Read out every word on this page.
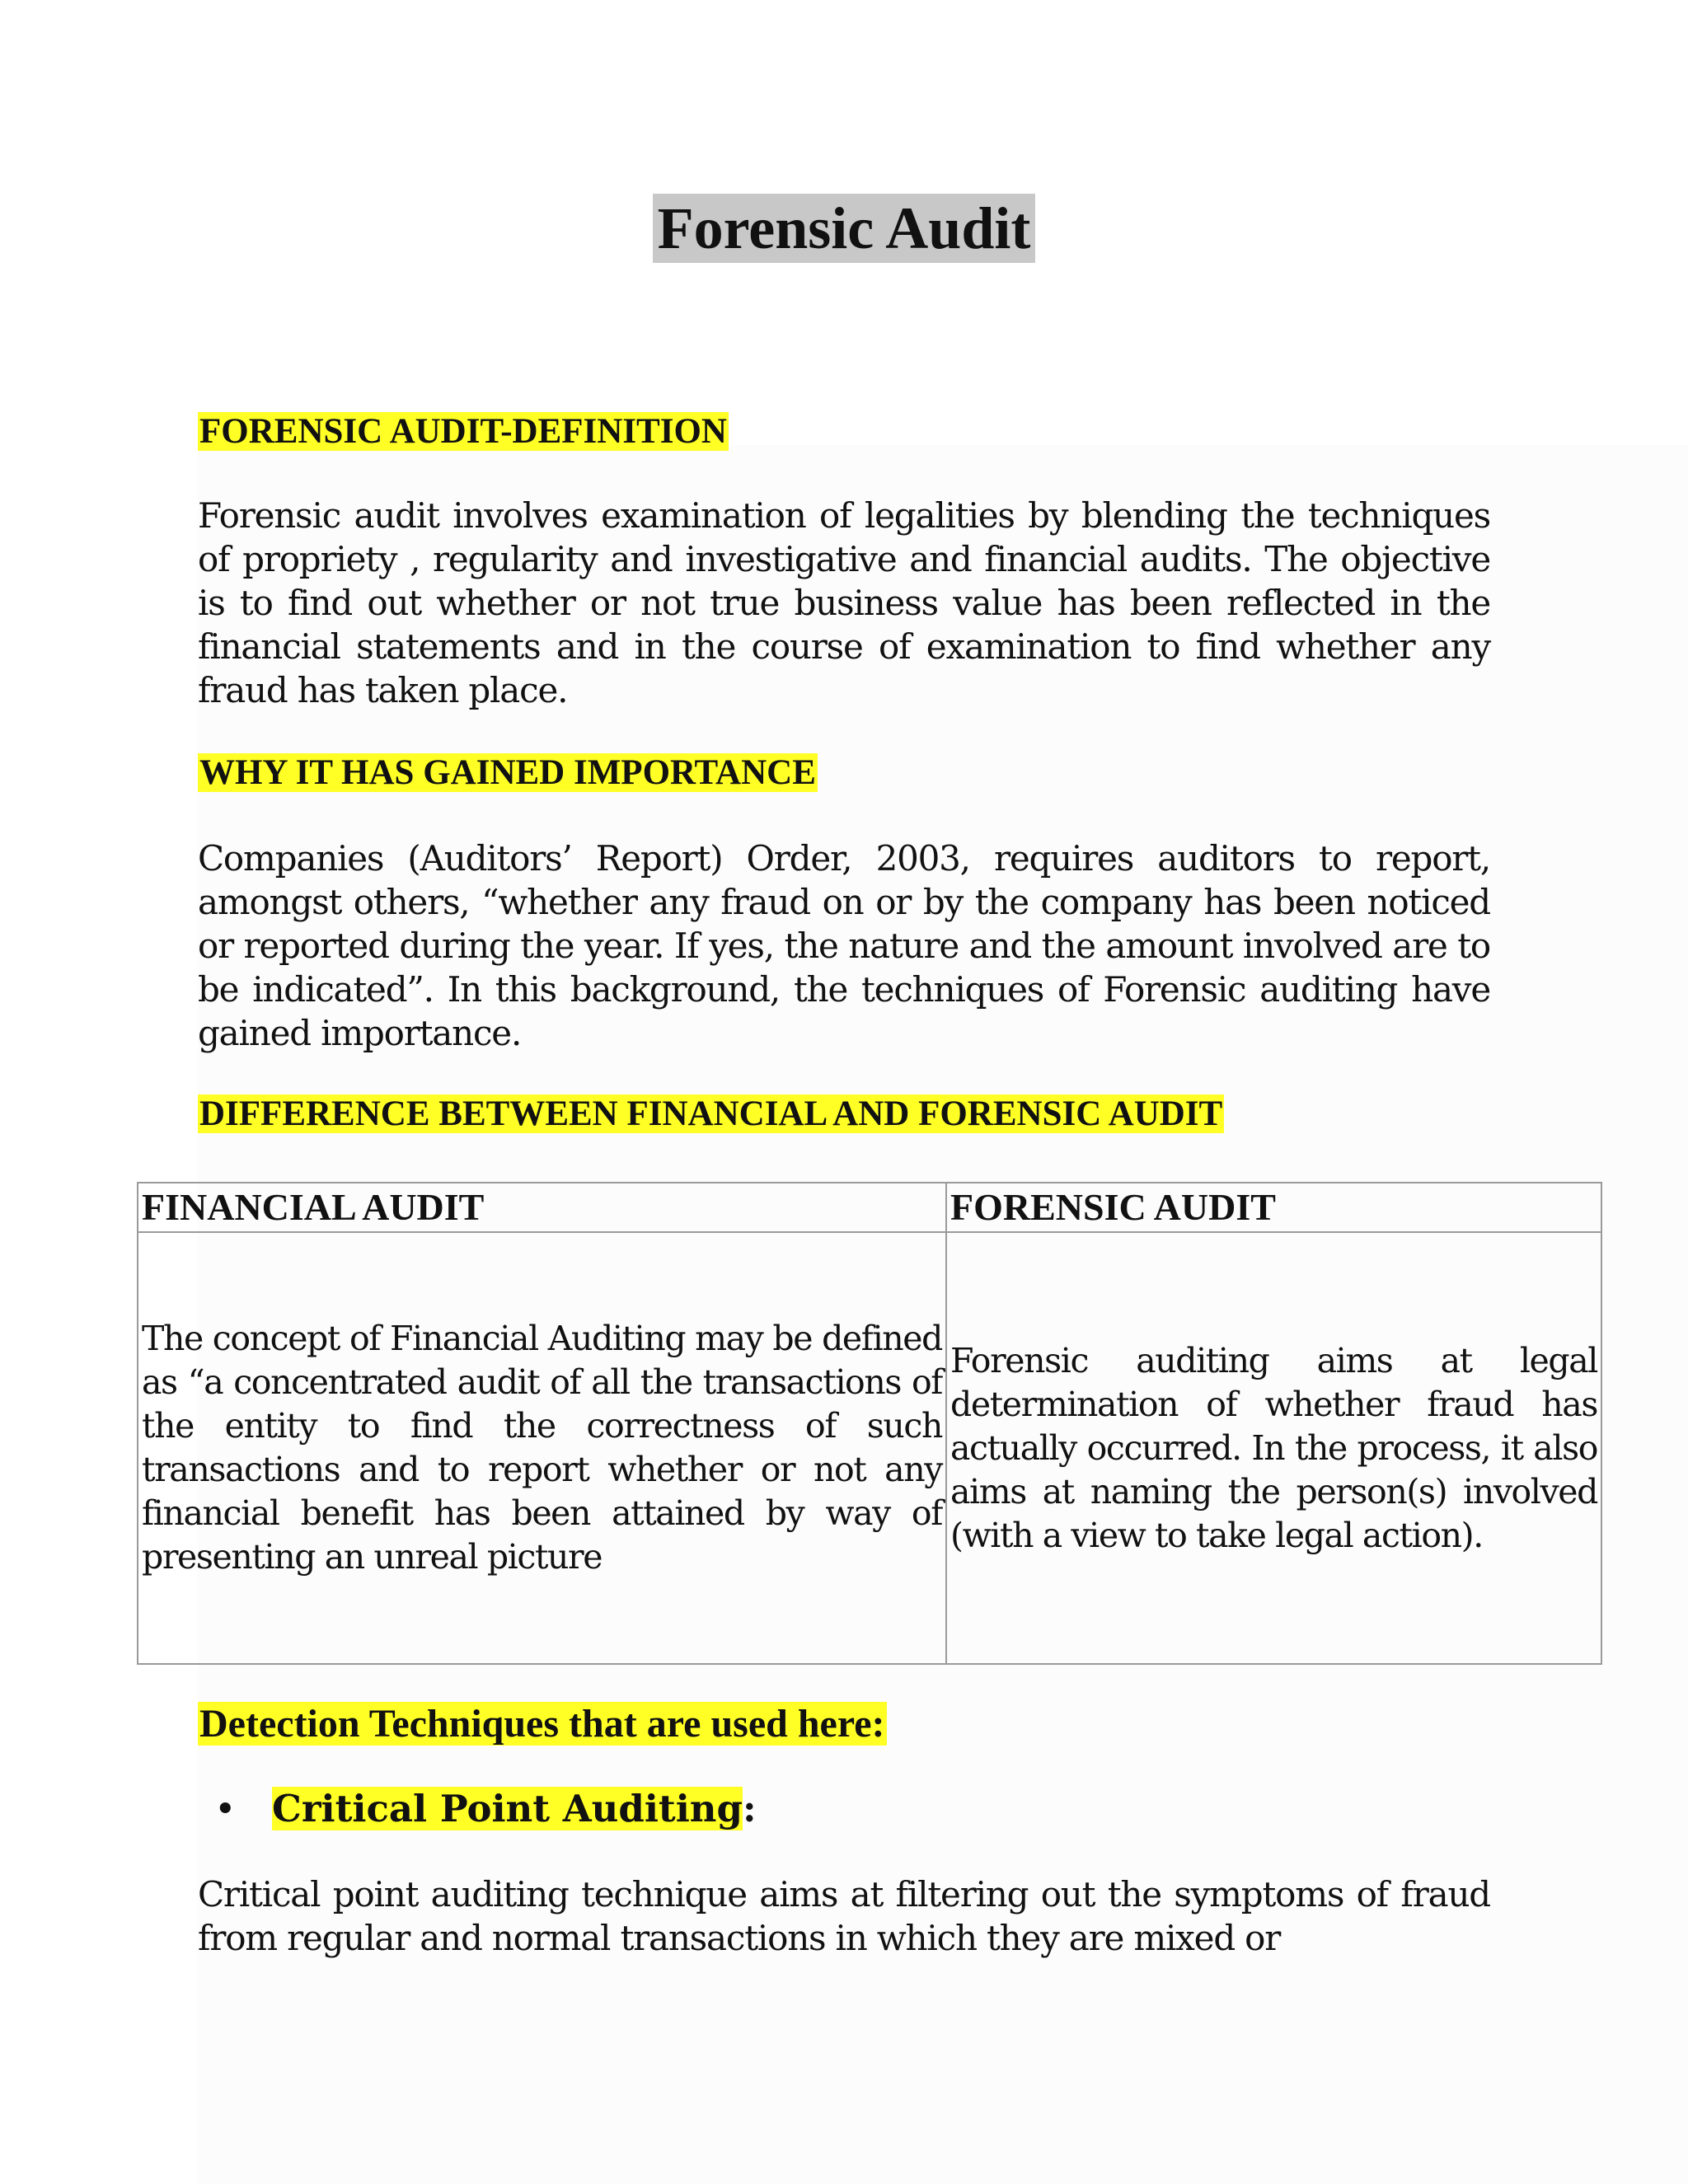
Forensic Audit
FORENSIC AUDIT-DEFINITION

Forensic audit involves examination of legalities by blending the techniques of propriety , regularity and investigative and financial audits. The objective is to find out whether or not true business value has been reflected in the financial statements and in the course of examination to find whether any fraud has taken place.

WHY IT HAS GAINED IMPORTANCE

Companies (Auditors’ Report) Order, 2003, requires auditors to report, amongst others, “whether any fraud on or by the company has been noticed or reported during the year. If yes, the nature and the amount involved are to be indicated”. In this background, the techniques of Forensic auditing have gained importance.

DIFFERENCE BETWEEN FINANCIAL AND FORENSIC AUDIT
FINANCIAL AUDIT	FORENSIC AUDIT
The concept of Financial Auditing may be defined as “a concentrated audit of all the transactions of the entity to find the correctness of such transactions and to report whether or not any financial benefit has been attained by way of presenting an unreal picture	Forensic auditing aims at legal determination of whether fraud has actually occurred. In the process, it also aims at naming the person(s) involved (with a view to take legal action).
Detection Techniques that are used here:

• Critical Point Auditing:

Critical point auditing technique aims at filtering out the symptoms of fraud from regular and normal transactions in which they are mixed or
